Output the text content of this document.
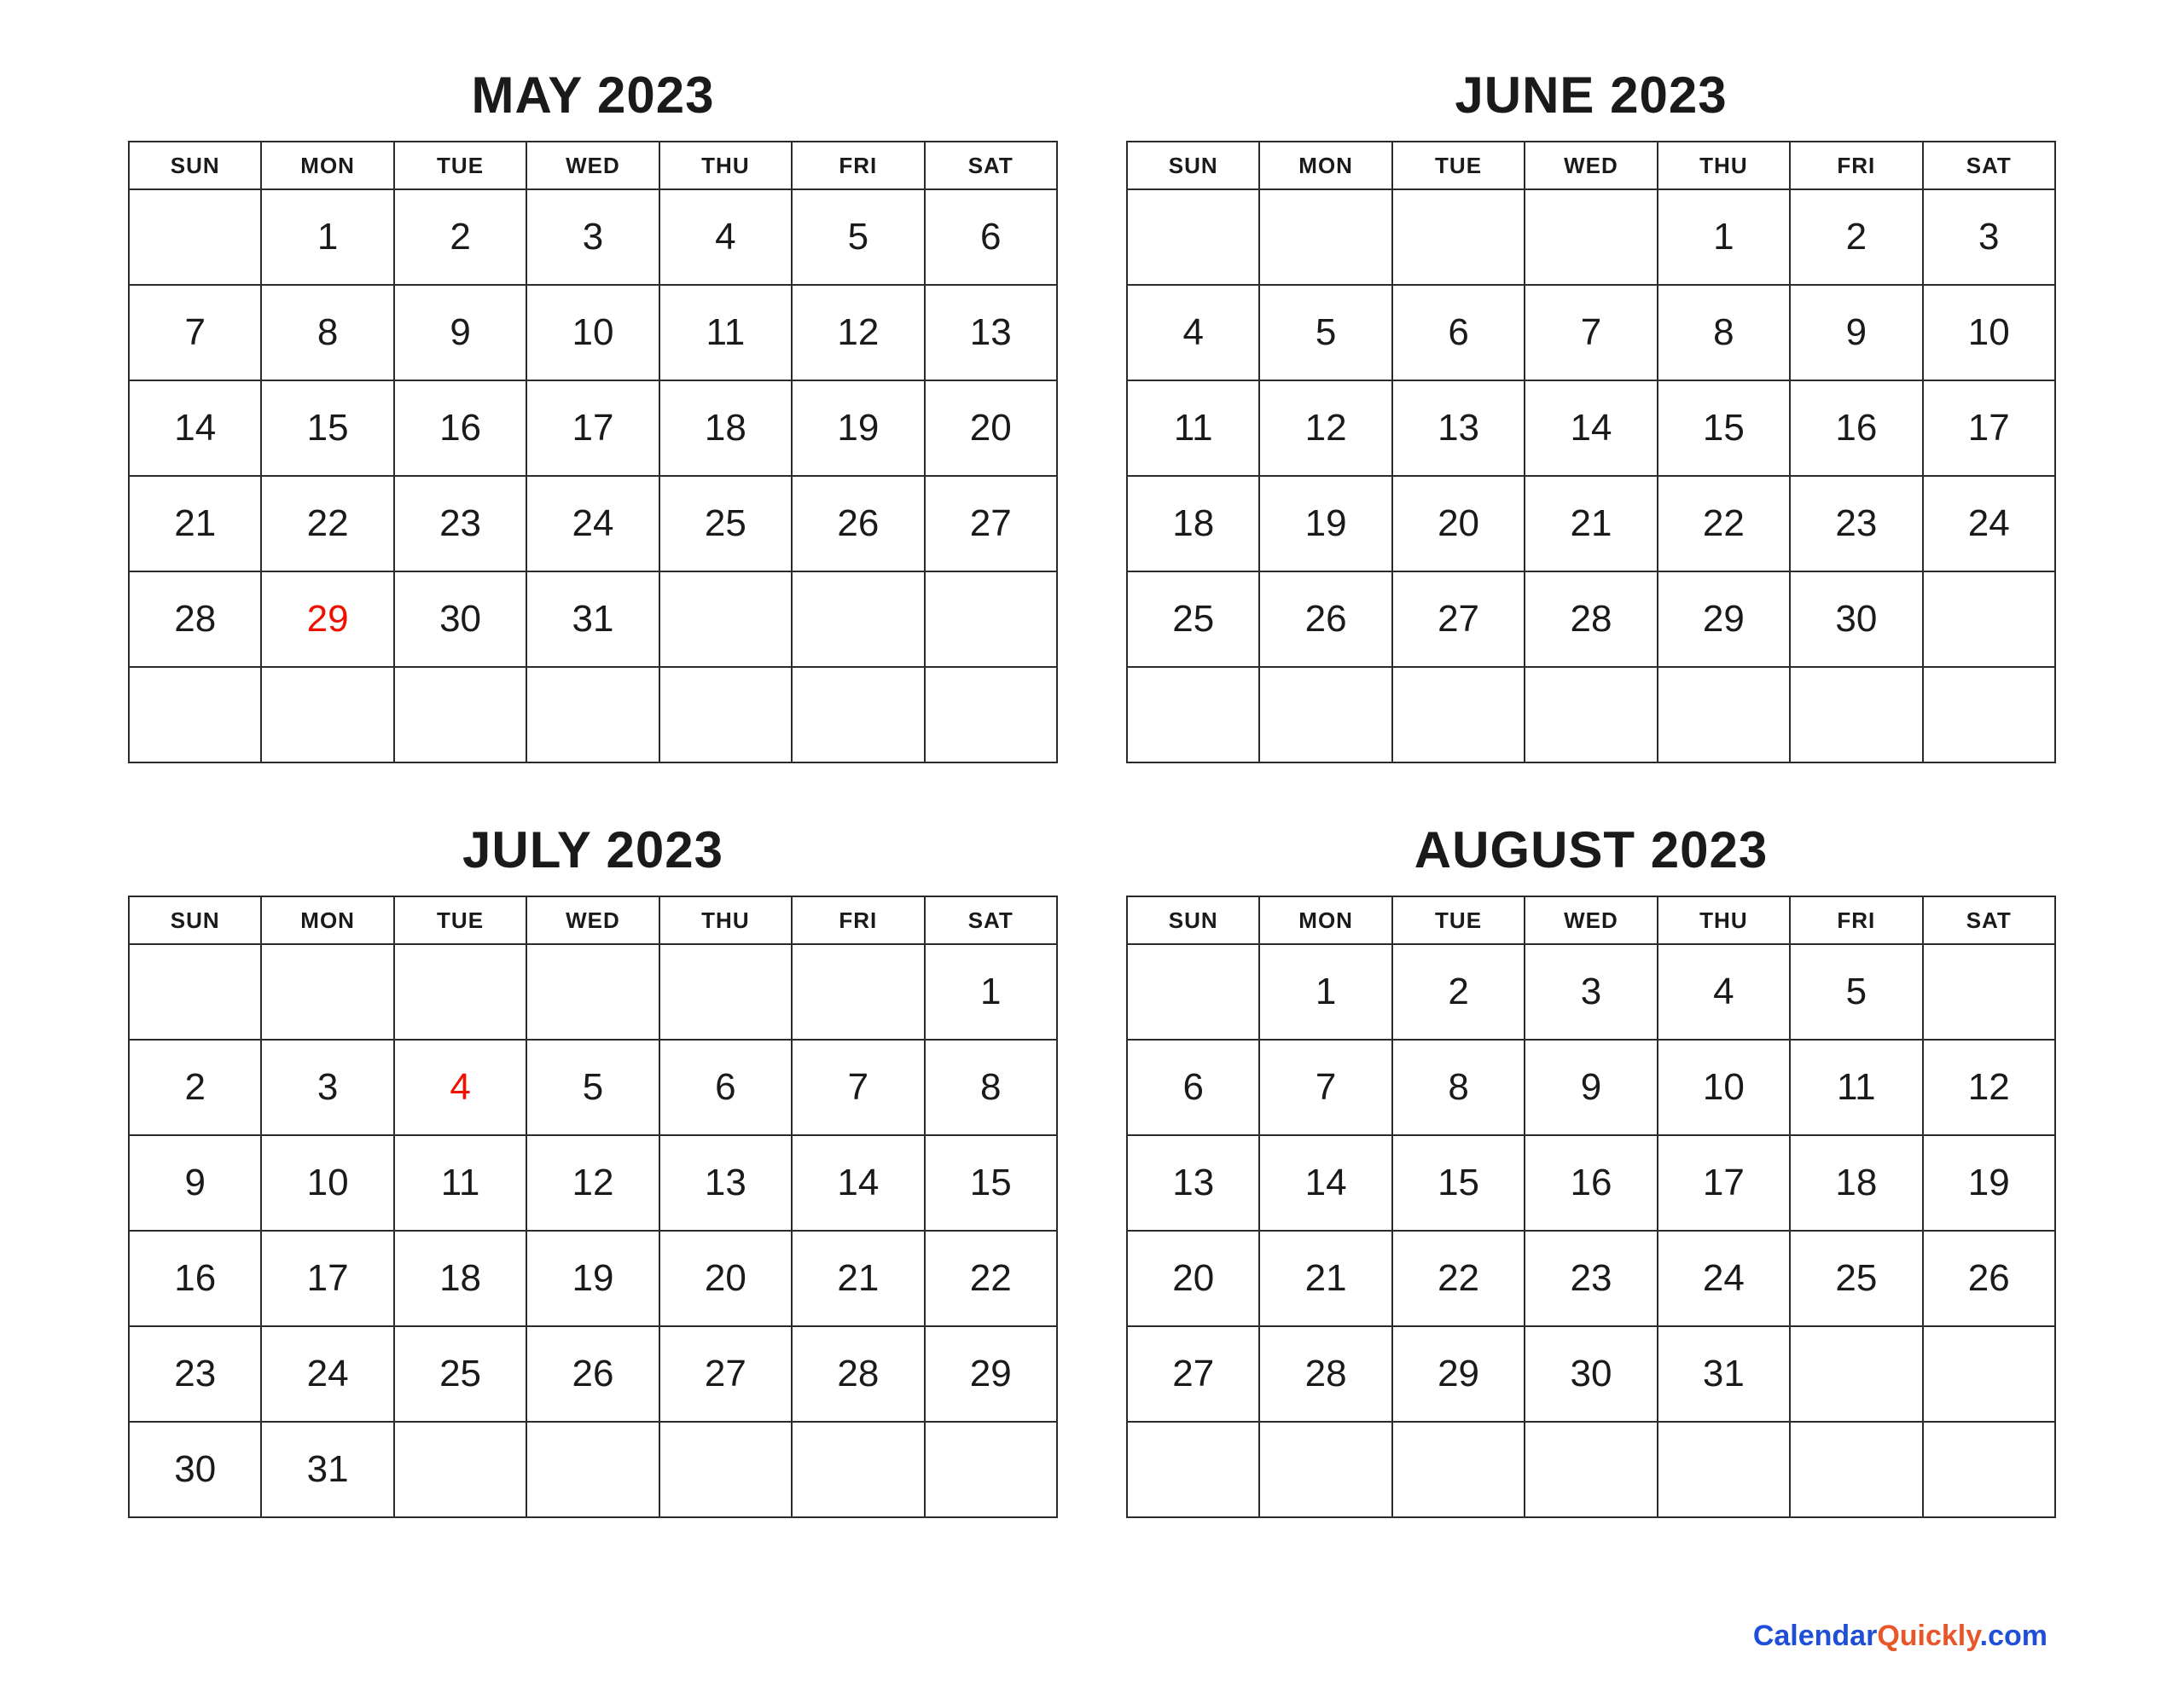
MAY 2023
SUN	MON	TUE	WED	THU	FRI	SAT
	1	2	3	4	5	6
7	8	9	10	11	12	13
14	15	16	17	18	19	20
21	22	23	24	25	26	27
28	29	30	31			

JUNE 2023
SUN	MON	TUE	WED	THU	FRI	SAT
				1	2	3
4	5	6	7	8	9	10
11	12	13	14	15	16	17
18	19	20	21	22	23	24
25	26	27	28	29	30	

JULY 2023
SUN	MON	TUE	WED	THU	FRI	SAT
						1
2	3	4	5	6	7	8
9	10	11	12	13	14	15
16	17	18	19	20	21	22
23	24	25	26	27	28	29
30	31					
AUGUST 2023
SUN	MON	TUE	WED	THU	FRI	SAT
	1	2	3	4	5	
6	7	8	9	10	11	12
13	14	15	16	17	18	19
20	21	22	23	24	25	26
27	28	29	30	31		

CalendarQuickly.com
